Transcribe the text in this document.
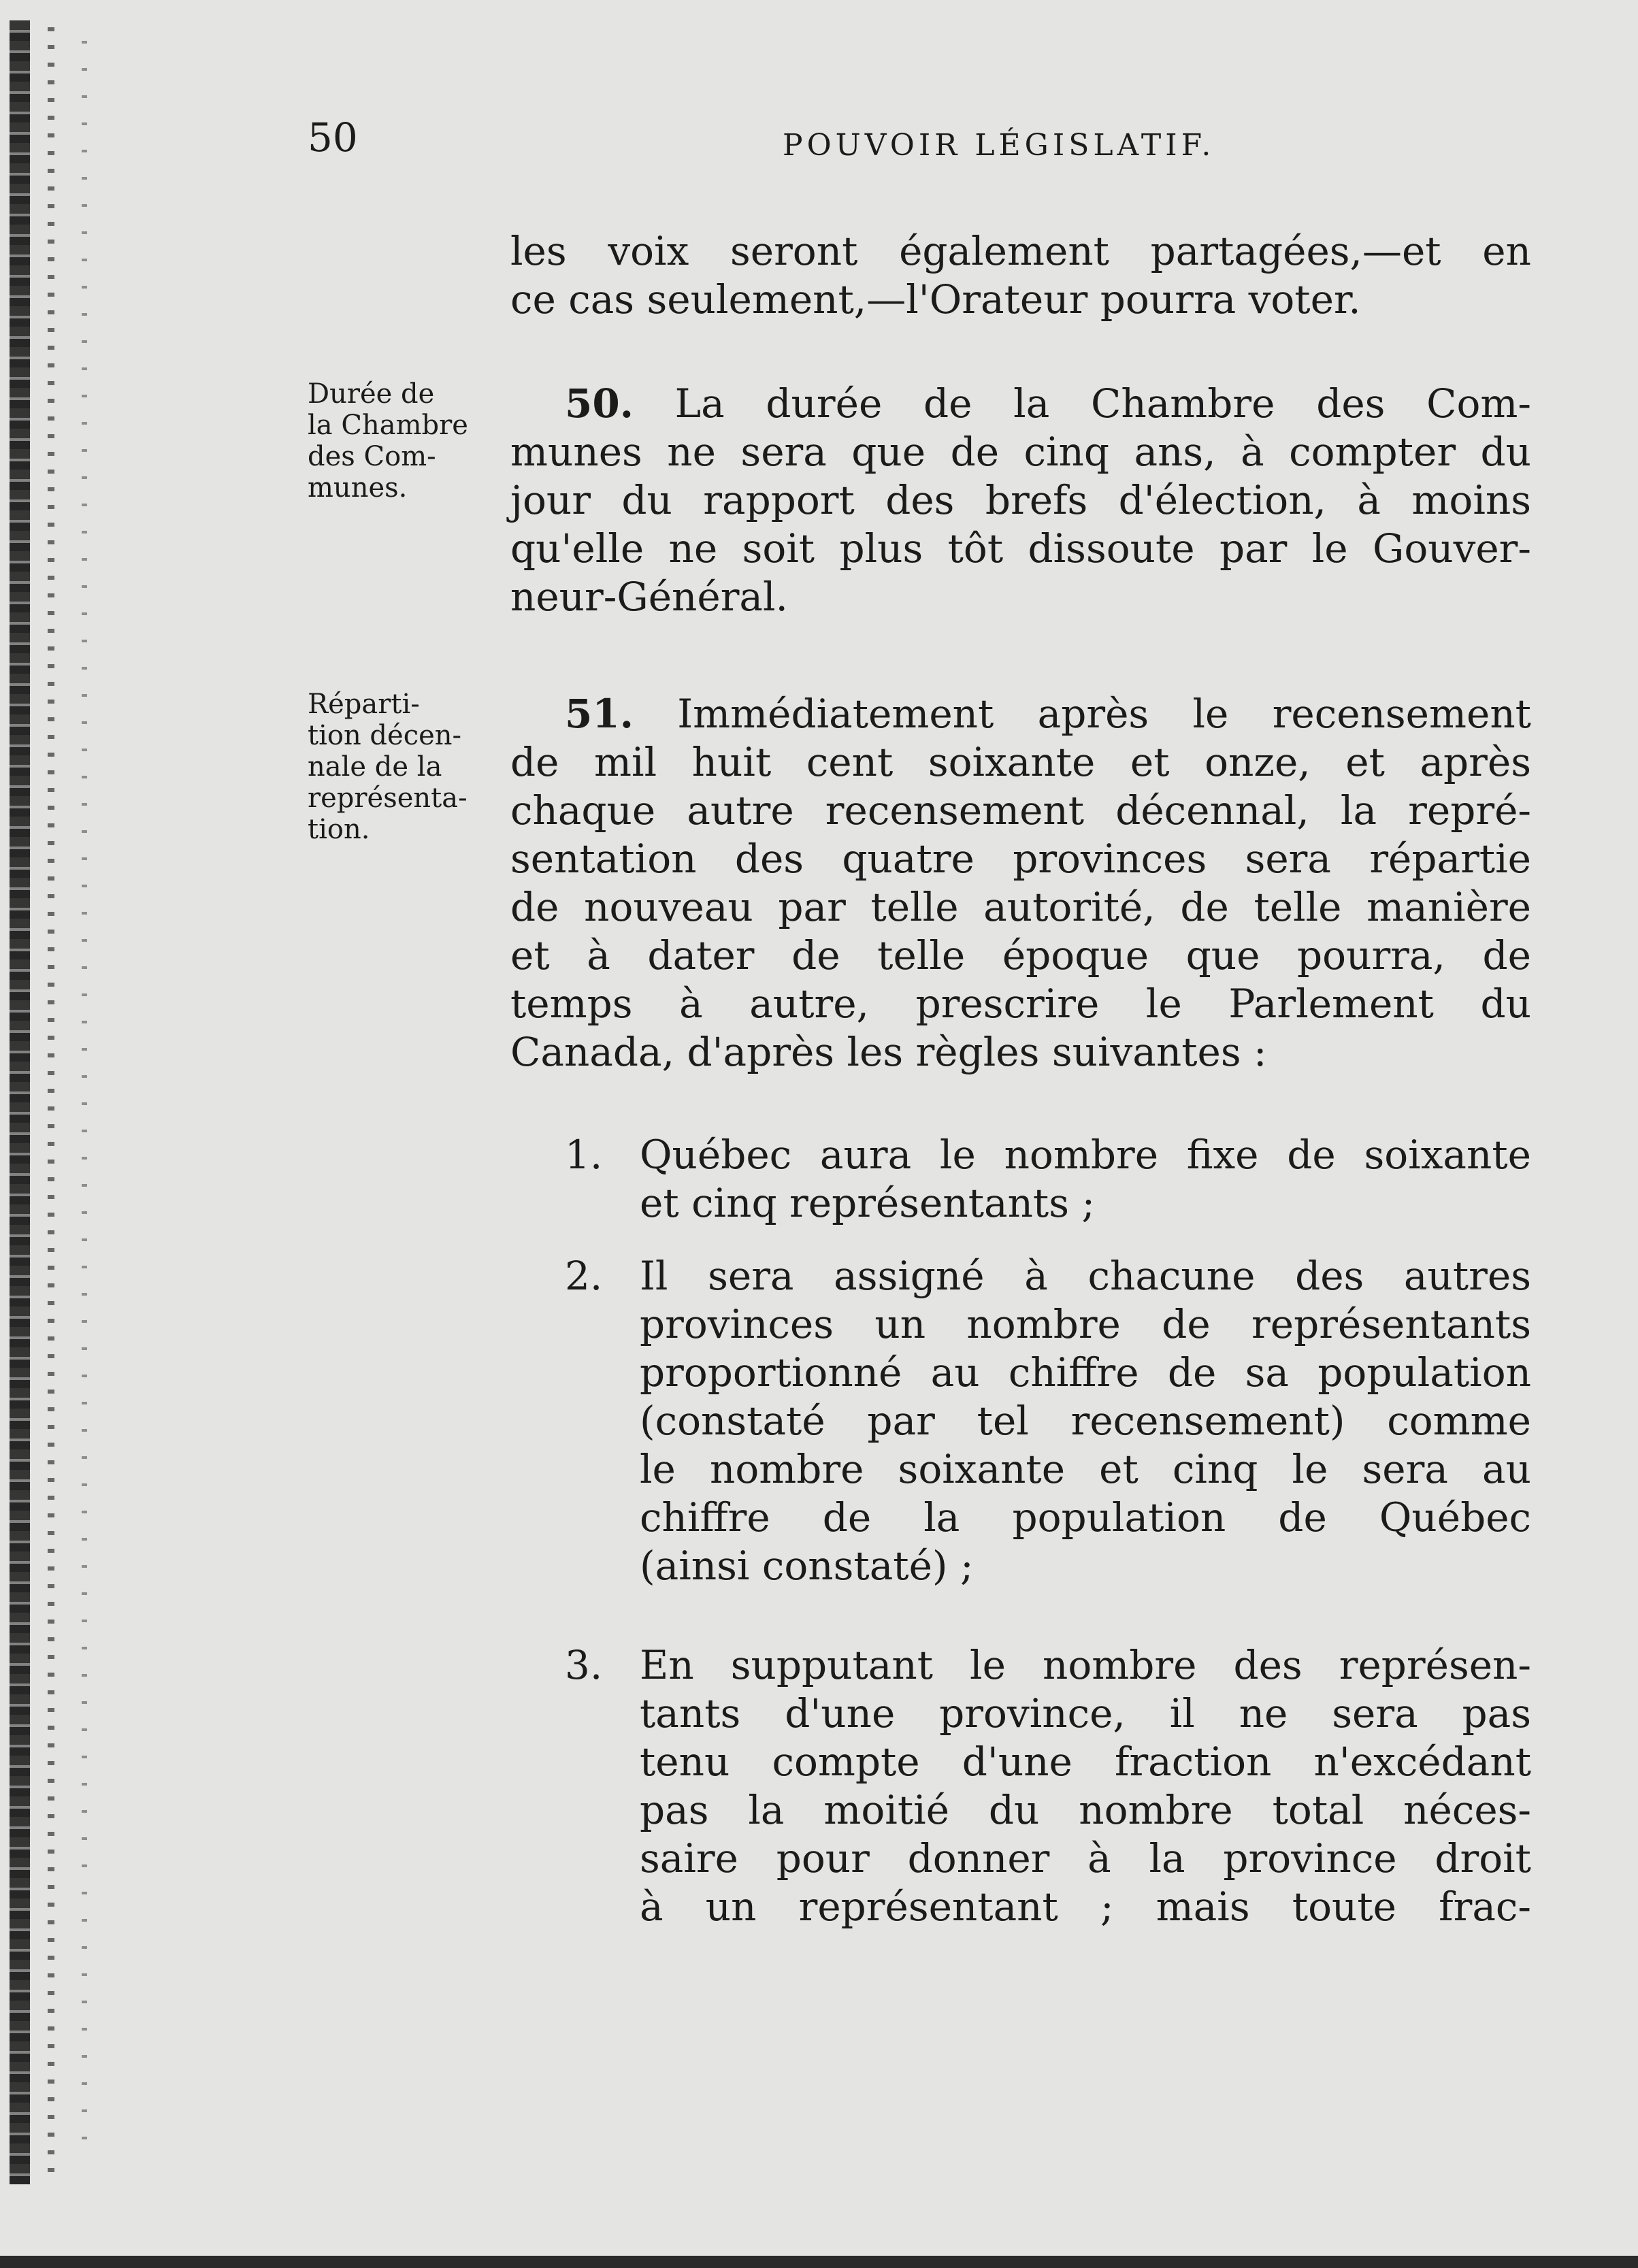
50	POUVOIR LÉGISLATIF.
les voix seront également partagées,—et en
ce cas seulement,—l'Orateur pourra voter.
Durée de
la Chambre
des Com-
munes.
50. La durée de la Chambre des Com-
munes ne sera que de cinq ans, à compter du
jour du rapport des brefs d'élection, à moins
qu'elle ne soit plus tôt dissoute par le Gouver-
neur-Général.
Réparti-
tion décen-
nale de la
représenta-
tion.
51. Immédiatement après le recensement
de mil huit cent soixante et onze, et après
chaque autre recensement décennal, la repré-
sentation des quatre provinces sera répartie
de nouveau par telle autorité, de telle manière
et à dater de telle époque que pourra, de
temps à autre, prescrire le Parlement du
Canada, d'après les règles suivantes :
1. Québec aura le nombre fixe de soixante
et cinq représentants ;
2. Il sera assigné à chacune des autres
provinces un nombre de représentants
proportionné au chiffre de sa population
(constaté par tel recensement) comme
le nombre soixante et cinq le sera au
chiffre de la population de Québec
(ainsi constaté) ;
3. En supputant le nombre des représen-
tants d'une province, il ne sera pas
tenu compte d'une fraction n'excédant
pas la moitié du nombre total néces-
saire pour donner à la province droit
à un représentant ; mais toute frac-
